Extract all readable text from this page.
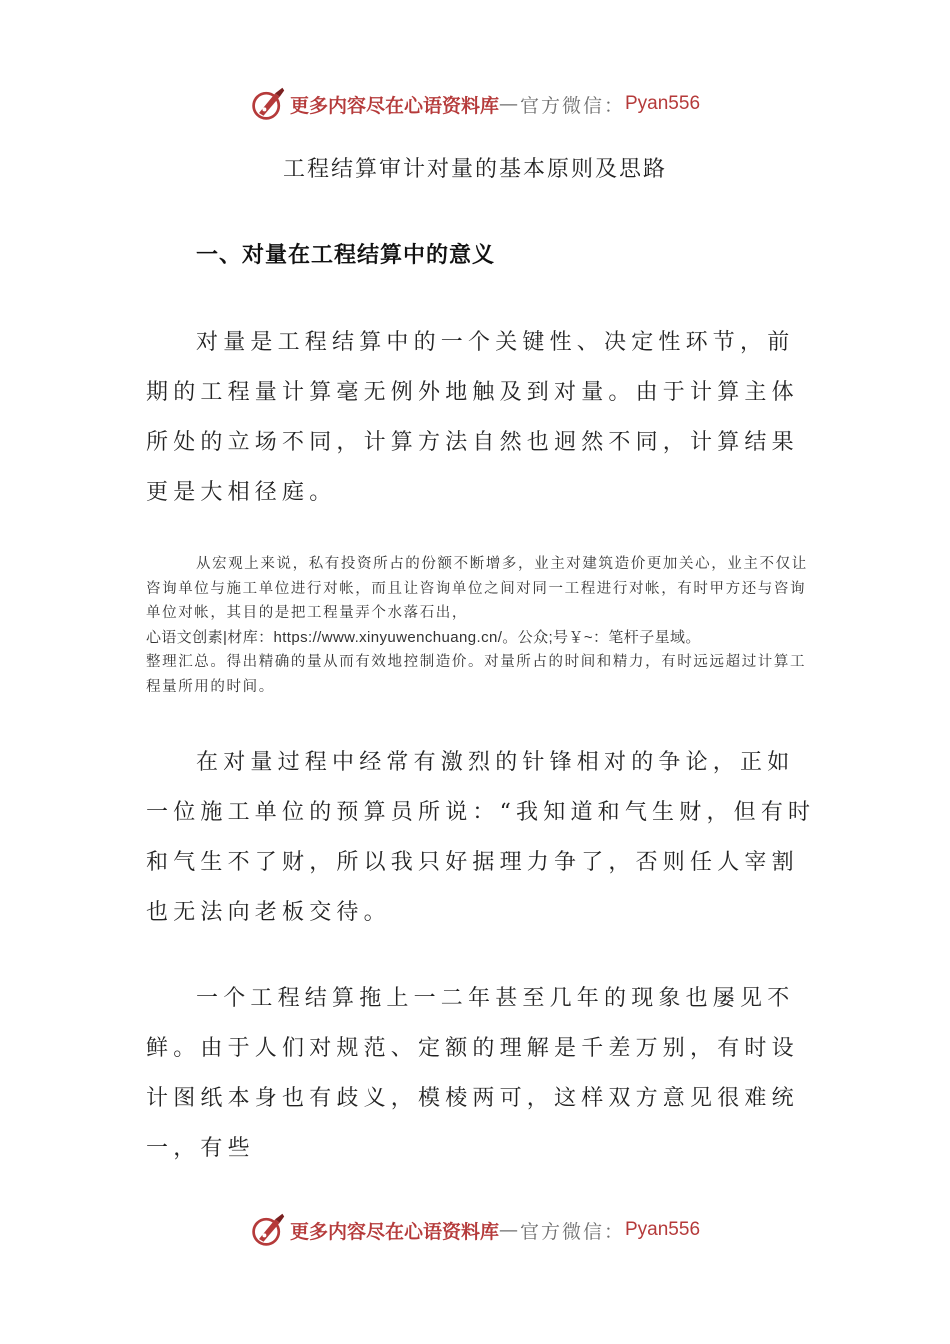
更多内容尽在心语资料库 — 官方微信： Pyan556
工程结算审计对量的基本原则及思路
一、对量在工程结算中的意义

对量是工程结算中的一个关键性、决定性环节，前期的工程量计算毫无例外地触及到对量。由于计算主体所处的立场不同，计算方法自然也迥然不同，计算结果更是大相径庭。

从宏观上来说，私有投资所占的份额不断增多，业主对建筑造价更加关心，业主不仅让咨询单位与施工单位进行对帐，而且让咨询单位之间对同一工程进行对帐，有时甲方还与咨询单位对帐，其目的是把工程量弄个水落石出，
心语文创素|材库：https://www.xinyuwenchuang.cn/。公众;号￥~：笔杆子星域。
整理汇总。得出精确的量从而有效地控制造价。对量所占的时间和精力，有时远远超过计算工程量所用的时间。

在对量过程中经常有激烈的针锋相对的争论，正如一位施工单位的预算员所说：“我知道和气生财，但有时和气生不了财，所以我只好据理力争了，否则任人宰割也无法向老板交待。

一个工程结算拖上一二年甚至几年的现象也屡见不鲜。由于人们对规范、定额的理解是千差万别，有时设计图纸本身也有歧义，模棱两可，这样双方意见很难统一，有些

更多内容尽在心语资料库 — 官方微信： Pyan556
